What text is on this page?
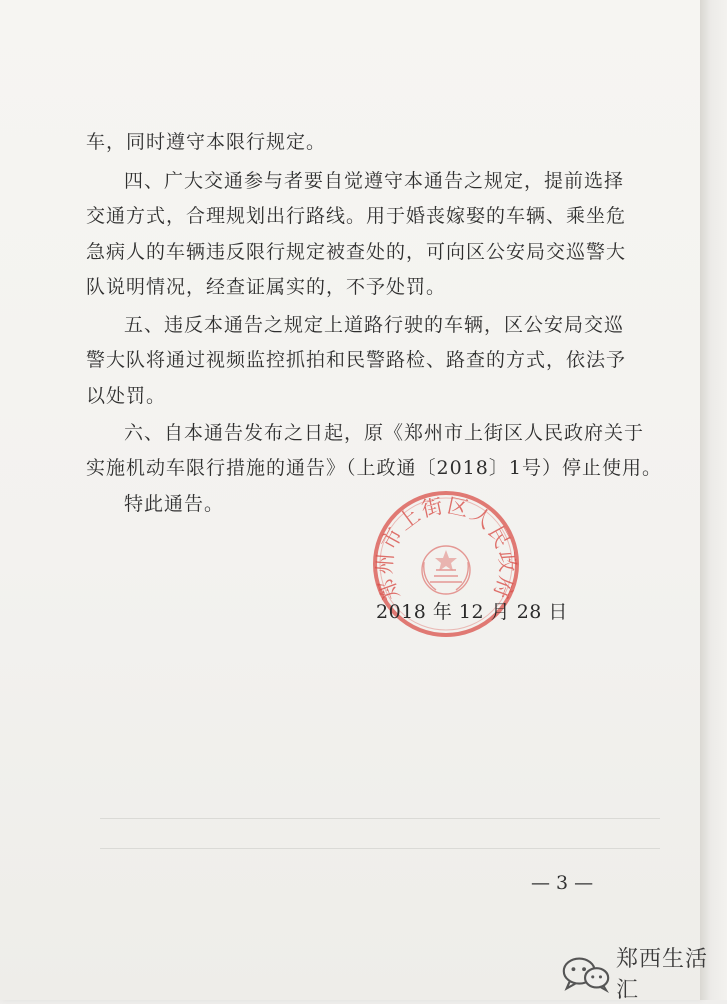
车，同时遵守本限行规定。
四、广大交通参与者要自觉遵守本通告之规定，提前选择
交通方式，合理规划出行路线。用于婚丧嫁娶的车辆、乘坐危
急病人的车辆违反限行规定被查处的，可向区公安局交巡警大
队说明情况，经查证属实的，不予处罚。
五、违反本通告之规定上道路行驶的车辆，区公安局交巡
警大队将通过视频监控抓拍和民警路检、路查的方式，依法予
以处罚。
六、自本通告发布之日起，原《郑州市上街区人民政府关于
实施机动车限行措施的通告》（上政通〔2018〕1号）停止使用。
特此通告。
郑州市上街区人民政府
2018 年 12 月 28 日
— 3 —
郑西生活汇
